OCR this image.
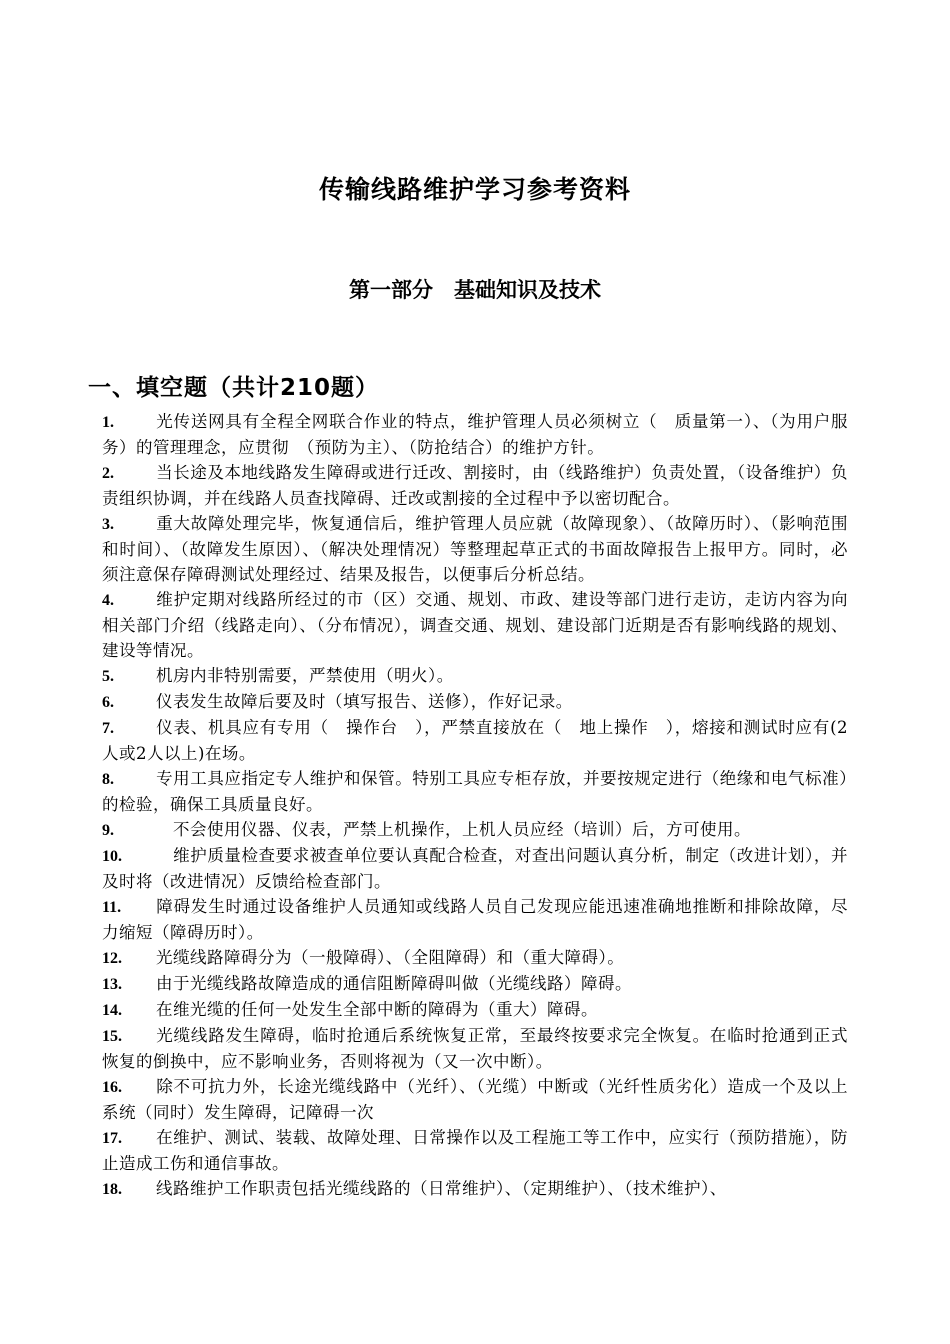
传输线路维护学习参考资料
第一部分　基础知识及技术
一、填空题（共计210题）

1.	光传送网具有全程全网联合作业的特点，维护管理人员必须树立（　质量第一）、（为用户服务）的管理理念，应贯彻　（预防为主）、（防抢结合）的维护方针。

2.	当长途及本地线路发生障碍或进行迁改、割接时，由（线路维护）负责处置，（设备维护）负责组织协调，并在线路人员查找障碍、迁改或割接的全过程中予以密切配合。

3.	重大故障处理完毕，恢复通信后，维护管理人员应就（故障现象）、（故障历时）、（影响范围和时间）、（故障发生原因）、（解决处理情况）等整理起草正式的书面故障报告上报甲方。同时，必须注意保存障碍测试处理经过、结果及报告，以便事后分析总结。

4.	维护定期对线路所经过的市（区）交通、规划、市政、建设等部门进行走访，走访内容为向相关部门介绍（线路走向）、（分布情况），调查交通、规划、建设部门近期是否有影响线路的规划、建设等情况。

5.	机房内非特别需要，严禁使用（明火）。

6.	仪表发生故障后要及时（填写报告、送修），作好记录。

7.	仪表、机具应有专用（　操作台　），严禁直接放在（　地上操作　），熔接和测试时应有(2人或2人以上)在场。

8.	专用工具应指定专人维护和保管。特别工具应专柜存放，并要按规定进行（绝缘和电气标准）的检验，确保工具质量良好。

9.	　不会使用仪器、仪表，严禁上机操作，上机人员应经（培训）后，方可使用。

10.　维护质量检查要求被查单位要认真配合检查，对查出问题认真分析，制定（改进计划），并及时将（改进情况）反馈给检查部门。

11. 障碍发生时通过设备维护人员通知或线路人员自己发现应能迅速准确地推断和排除故障，尽力缩短（障碍历时）。

12. 光缆线路障碍分为（一般障碍）、（全阻障碍）和（重大障碍）。

13. 由于光缆线路故障造成的通信阻断障碍叫做（光缆线路）障碍。

14. 在维光缆的任何一处发生全部中断的障碍为（重大）障碍。

15. 光缆线路发生障碍，临时抢通后系统恢复正常，至最终按要求完全恢复。在临时抢通到正式恢复的倒换中，应不影响业务，否则将视为（又一次中断）。

16. 除不可抗力外，长途光缆线路中（光纤）、（光缆）中断或（光纤性质劣化）造成一个及以上系统（同时）发生障碍，记障碍一次

17. 在维护、测试、装载、故障处理、日常操作以及工程施工等工作中，应实行（预防措施），防止造成工伤和通信事故。

18. 线路维护工作职责包括光缆线路的（日常维护）、（定期维护）、（技术维护）、
